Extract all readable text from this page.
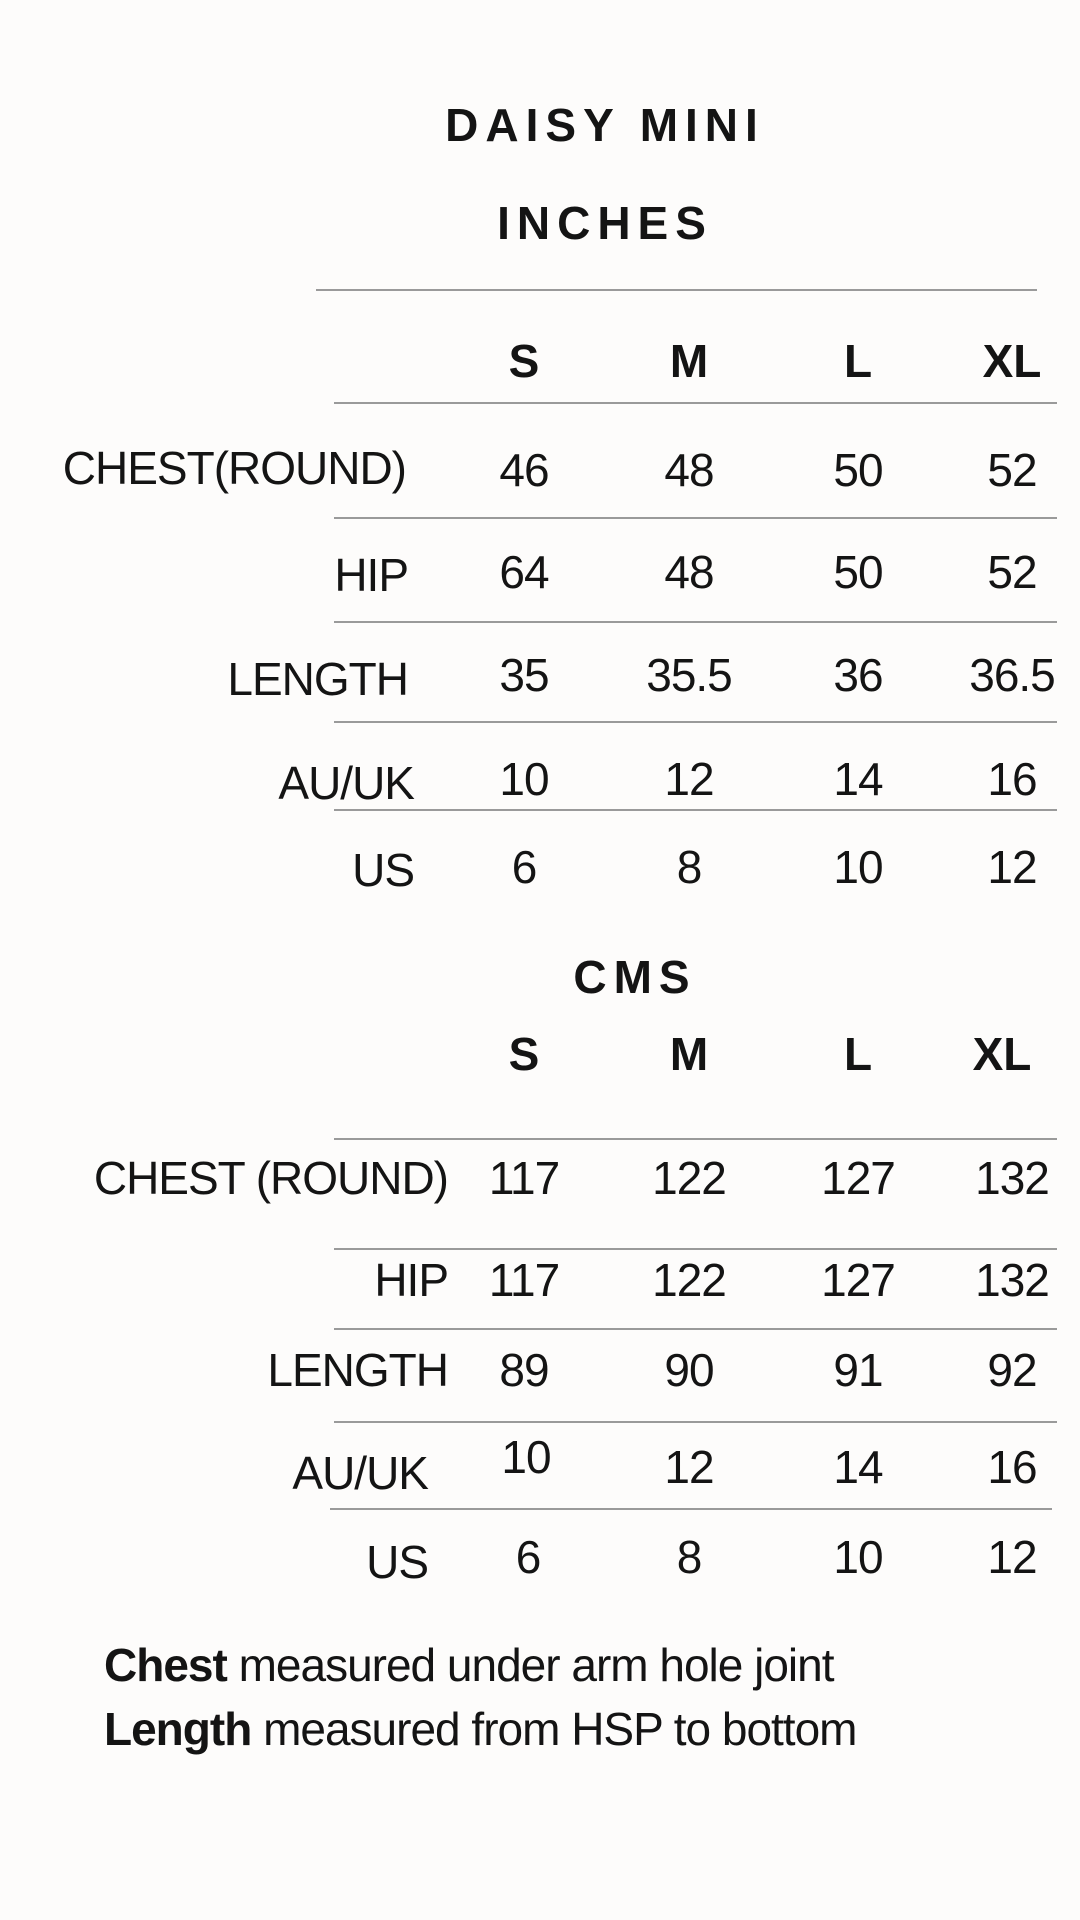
DAISY MINI
INCHES
S	M	L	XL
CHEST(ROUND)	46	48	50	52
HIP	64	48	50	52
LENGTH	35	35.5	36	36.5
AU/UK	10	12	14	16
US	6	8	10	12
CMS
S	M	L	XL
CHEST (ROUND) 117	122	127	132
HIP 117	122	127	132
LENGTH	89	90	91	92
AU/UK	10	12	14	16
US	6	8	10	12
Chest measured under arm hole joint
Length measured from HSP to bottom
